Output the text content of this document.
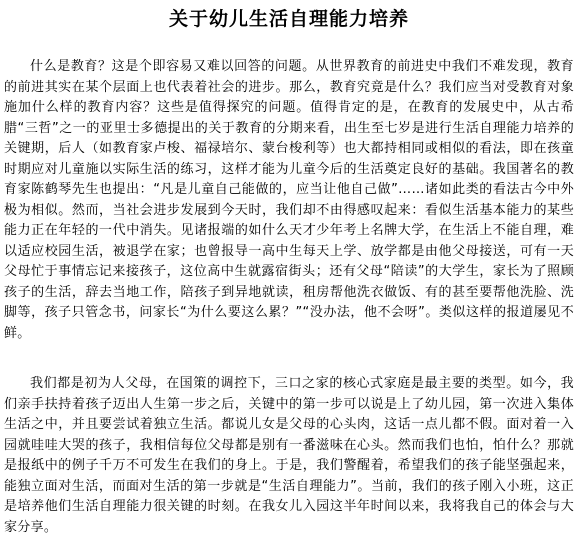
关于幼儿生活自理能力培养

什么是教育？这是个即容易又难以回答的问题。从世界教育的前进史中我们不难发现，教育的前进其实在某个层面上也代表着社会的进步。那么，教育究竟是什么？我们应当对受教育对象施加什么样的教育内容？这些是值得探究的问题。值得肯定的是，在教育的发展史中，从古希腊“三哲”之一的亚里士多德提出的关于教育的分期来看，出生至七岁是进行生活自理能力培养的关键期，后人（如教育家卢梭、福禄培尔、蒙台梭利等）也大都持相同或相似的看法，即在孩童时期应对儿童施以实际生活的练习，这样才能为儿童今后的生活奠定良好的基础。我国著名的教育家陈鹤琴先生也提出：“凡是儿童自己能做的，应当让他自己做”……诸如此类的看法古今中外极为相似。然而，当社会进步发展到今天时，我们却不由得感叹起来：看似生活基本能力的某些能力正在年轻的一代中消失。见诸报端的如什么天才少年考上名牌大学，在生活上不能自理，难以适应校园生活，被退学在家；也曾报导一高中生每天上学、放学都是由他父母接送，可有一天父母忙于事情忘记来接孩子，这位高中生就露宿街头；还有父母“陪读”的大学生，家长为了照顾孩子的生活，辞去当地工作，陪孩子到异地就读，租房帮他洗衣做饭、有的甚至要帮他洗脸、洗脚等，孩子只管念书，问家长“为什么要这么累？”“没办法，他不会呀”。类似这样的报道屡见不鲜。

我们都是初为人父母，在国策的调控下，三口之家的核心式家庭是最主要的类型。如今，我们亲手扶持着孩子迈出人生第一步之后，关键中的第一步可以说是上了幼儿园，第一次进入集体生活之中，并且要尝试着独立生活。都说儿女是父母的心头肉，这话一点儿都不假。面对着一入园就哇哇大哭的孩子，我相信每位父母都是别有一番滋味在心头。然而我们也怕，怕什么？那就是报纸中的例子千万不可发生在我们的身上。于是，我们警醒着，希望我们的孩子能坚强起来，能独立面对生活，而面对生活的第一步就是“生活自理能力”。当前，我们的孩子刚入小班，这正是培养他们生活自理能力很关键的时刻。在我女儿入园这半年时间以来，我将我自己的体会与大家分享。
